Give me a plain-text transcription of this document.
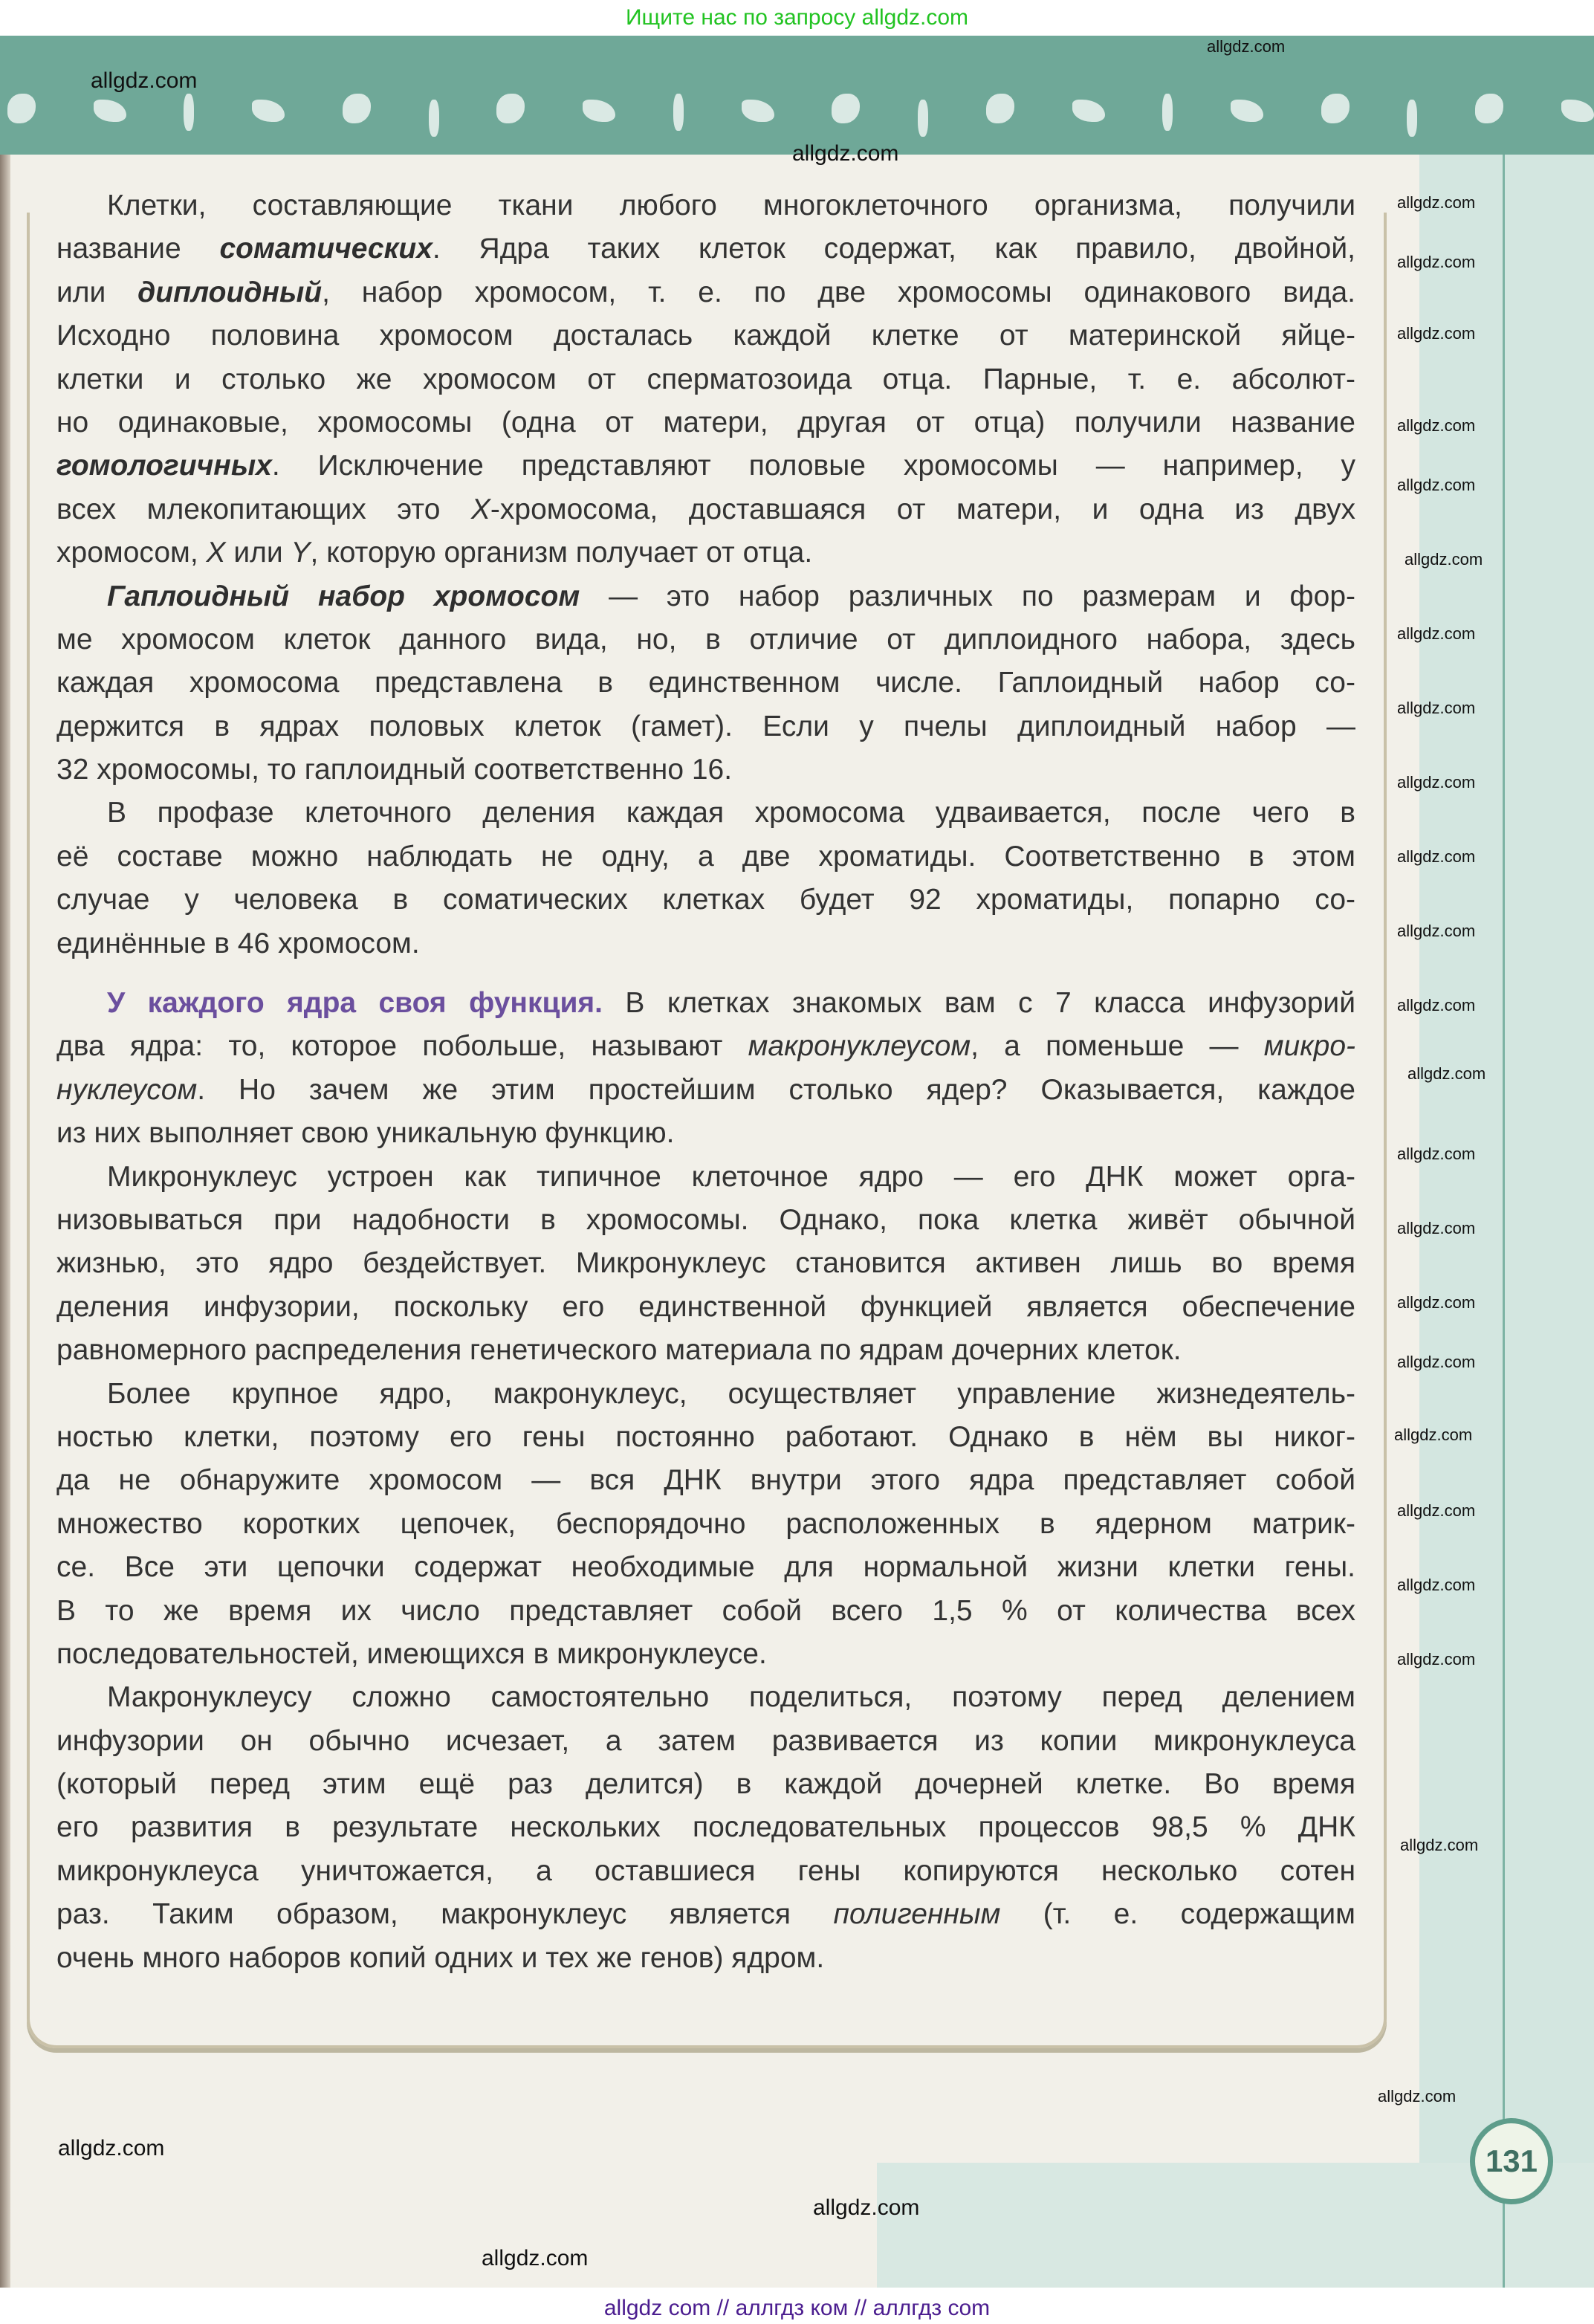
Ищите нас по запросу allgdz.com
131
Клетки, составляющие ткани любого многоклеточного организма, получили
название соматических. Ядра таких клеток содержат, как правило, двойной,
или диплоидный, набор хромосом, т. е. по две хромосомы одинакового вида.
Исходно половина хромосом досталась каждой клетке от материнской яйце-
клетки и столько же хромосом от сперматозоида отца. Парные, т. е. абсолют-
но одинаковые, хромосомы (одна от матери, другая от отца) получили название
гомологичных. Исключение представляют половые хромосомы — например, у
всех млекопитающих это X-хромосома, доставшаяся от матери, и одна из двух
хромосом, X или Y, которую организм получает от отца.
Гаплоидный набор хромосом — это набор различных по размерам и фор-
ме хромосом клеток данного вида, но, в отличие от диплоидного набора, здесь
каждая хромосома представлена в единственном числе. Гаплоидный набор со-
держится в ядрах половых клеток (гамет). Если у пчелы диплоидный набор —
32 хромосомы, то гаплоидный соответственно 16.
В профазе клеточного деления каждая хромосома удваивается, после чего в
её составе можно наблюдать не одну, а две хроматиды. Соответственно в этом
случае у человека в соматических клетках будет 92 хроматиды, попарно со-
единённые в 46 хромосом.
У каждого ядра своя функция. В клетках знакомых вам с 7 класса инфузорий
два ядра: то, которое побольше, называют макронуклеусом, а поменьше — микро-
нуклеусом. Но зачем же этим простейшим столько ядер? Оказывается, каждое
из них выполняет свою уникальную функцию.
Микронуклеус устроен как типичное клеточное ядро — его ДНК может орга-
низовываться при надобности в хромосомы. Однако, пока клетка живёт обычной
жизнью, это ядро бездействует. Микронуклеус становится активен лишь во время
деления инфузории, поскольку его единственной функцией является обеспечение
равномерного распределения генетического материала по ядрам дочерних клеток.
Более крупное ядро, макронуклеус, осуществляет управление жизнедеятель-
ностью клетки, поэтому его гены постоянно работают. Однако в нём вы никог-
да не обнаружите хромосом — вся ДНК внутри этого ядра представляет собой
множество коротких цепочек, беспорядочно расположенных в ядерном матрик-
се. Все эти цепочки содержат необходимые для нормальной жизни клетки гены.
В то же время их число представляет собой всего 1,5 % от количества всех
последовательностей, имеющихся в микронуклеусе.
Макронуклеусу сложно самостоятельно поделиться, поэтому перед делением
инфузории он обычно исчезает, а затем развивается из копии микронуклеуса
(который перед этим ещё раз делится) в каждой дочерней клетке. Во время
его развития в результате нескольких последовательных процессов 98,5 % ДНК
микронуклеуса уничтожается, а оставшиеся гены копируются несколько сотен
раз. Таким образом, макронуклеус является полигенным (т. е. содержащим
очень много наборов копий одних и тех же генов) ядром.
allgdz.com
allgdz.com
allgdz.com
allgdz.com
allgdz.com
allgdz.com
allgdz.com
allgdz.com
allgdz.com
allgdz.com
allgdz.com
allgdz.com
allgdz.com
allgdz.com
allgdz.com
allgdz.com
allgdz.com
allgdz.com
allgdz.com
allgdz.com
allgdz.com
allgdz.com
allgdz.com
allgdz.com
allgdz.com
allgdz.com
allgdz.com
allgdz.com
allgdz.com
allgdz com // аллгдз ком // аллгдз com
